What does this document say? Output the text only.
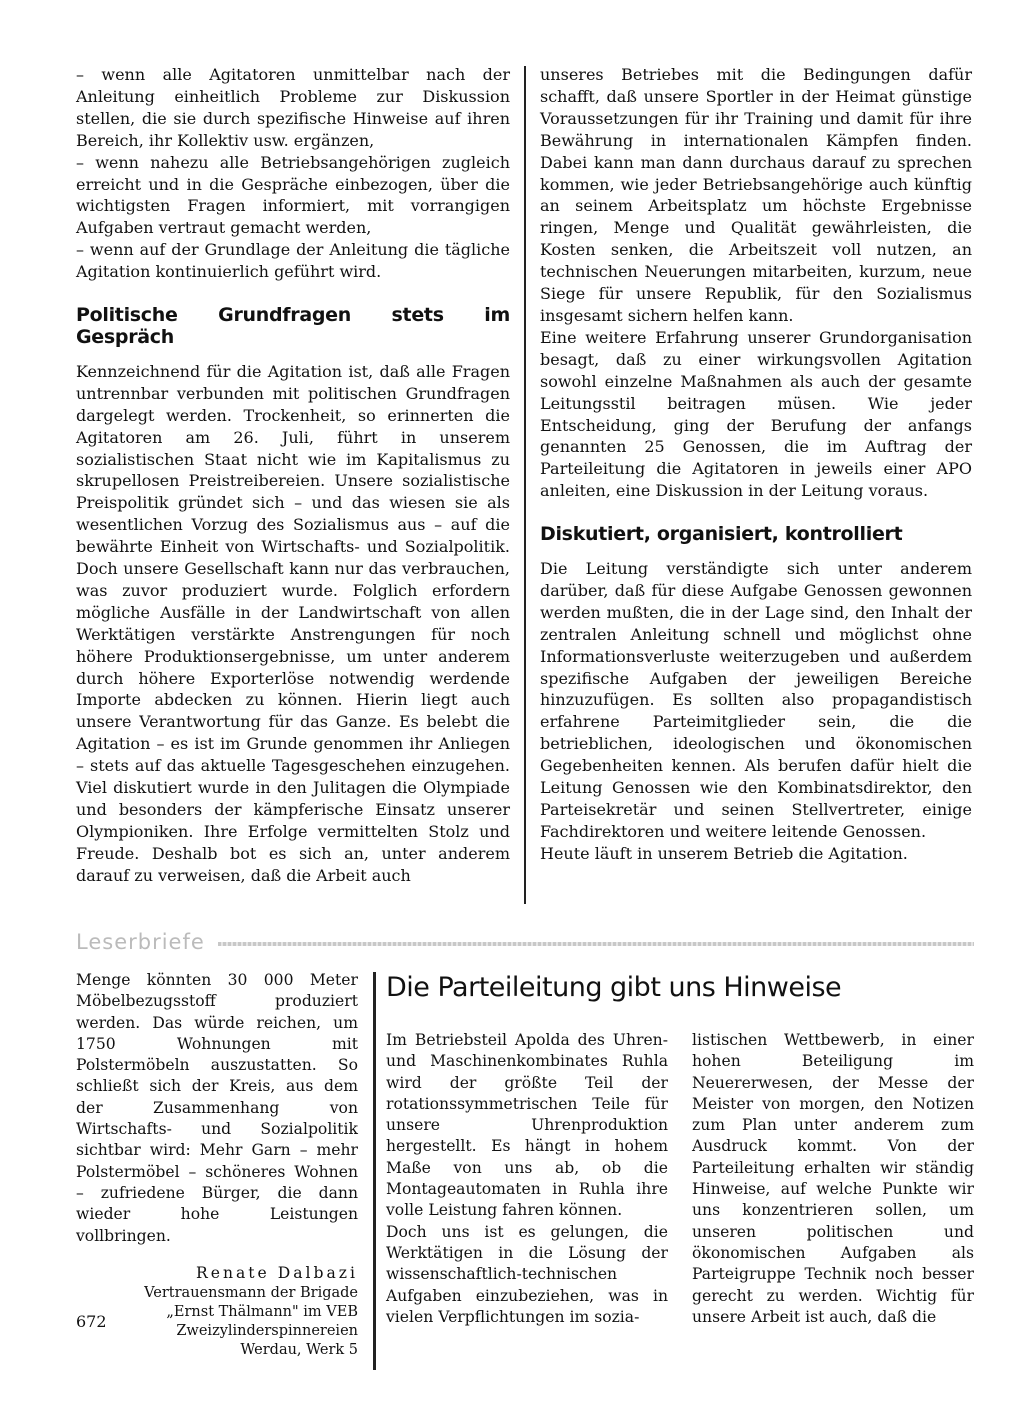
– wenn alle Agitatoren unmittelbar nach der Anleitung einheitlich Probleme zur Diskussion stellen, die sie durch spezifische Hinweise auf ihren Bereich, ihr Kollektiv usw. ergänzen,

– wenn nahezu alle Betriebsangehörigen zugleich erreicht und in die Gespräche einbezogen, über die wichtigsten Fragen informiert, mit vorrangigen Aufgaben vertraut gemacht werden,

– wenn auf der Grundlage der Anleitung die tägliche Agitation kontinuierlich geführt wird.

Politische Grundfragen stets im Gespräch

Kennzeichnend für die Agitation ist, daß alle Fragen untrennbar verbunden mit politischen Grundfragen dargelegt werden. Trockenheit, so erinnerten die Agitatoren am 26. Juli, führt in unserem sozialistischen Staat nicht wie im Kapitalismus zu skrupellosen Preistreibereien. Unsere sozialistische Preispolitik gründet sich – und das wiesen sie als wesentlichen Vorzug des Sozialismus aus – auf die bewährte Einheit von Wirtschafts- und Sozialpolitik. Doch unsere Gesellschaft kann nur das verbrauchen, was zuvor produziert wurde. Folglich erfordern mögliche Ausfälle in der Landwirtschaft von allen Werktätigen verstärkte Anstrengungen für noch höhere Produktionsergebnisse, um unter anderem durch höhere Exporterlöse notwendig werdende Importe abdecken zu können. Hierin liegt auch unsere Verantwortung für das Ganze. Es belebt die Agitation – es ist im Grunde genommen ihr Anliegen – stets auf das aktuelle Tagesgeschehen einzugehen. Viel diskutiert wurde in den Julitagen die Olympiade und besonders der kämpferische Einsatz unserer Olympioniken. Ihre Erfolge vermittelten Stolz und Freude. Deshalb bot es sich an, unter anderem darauf zu verweisen, daß die Arbeit auch

unseres Betriebes mit die Bedingungen dafür schafft, daß unsere Sportler in der Heimat günstige Voraussetzungen für ihr Training und damit für ihre Bewährung in internationalen Kämpfen finden. Dabei kann man dann durchaus darauf zu sprechen kommen, wie jeder Betriebsangehörige auch künftig an seinem Arbeitsplatz um höchste Ergebnisse ringen, Menge und Qualität gewährleisten, die Kosten senken, die Arbeitszeit voll nutzen, an technischen Neuerungen mitarbeiten, kurzum, neue Siege für unsere Republik, für den Sozialismus insgesamt sichern helfen kann.

Eine weitere Erfahrung unserer Grundorganisation besagt, daß zu einer wirkungsvollen Agitation sowohl einzelne Maßnahmen als auch der gesamte Leitungsstil beitragen müsen. Wie jeder Entscheidung, ging der Berufung der anfangs genannten 25 Genossen, die im Auftrag der Parteileitung die Agitatoren in jeweils einer APO anleiten, eine Diskussion in der Leitung voraus.

Diskutiert, organisiert, kontrolliert

Die Leitung verständigte sich unter anderem darüber, daß für diese Aufgabe Genossen gewonnen werden mußten, die in der Lage sind, den Inhalt der zentralen Anleitung schnell und möglichst ohne Informationsverluste weiterzugeben und außerdem spezifische Aufgaben der jeweiligen Bereiche hinzuzufügen. Es sollten also propagandistisch erfahrene Parteimitglieder sein, die die betrieblichen, ideologischen und ökonomischen Gegebenheiten kennen. Als berufen dafür hielt die Leitung Genossen wie den Kombinatsdirektor, den Parteisekretär und seinen Stellvertreter, einige Fachdirektoren und weitere leitende Genossen.

Heute läuft in unserem Betrieb die Agitation.

Leserbriefe

Menge könnten 30 000 Meter Möbelbezugsstoff produziert werden. Das würde reichen, um 1750 Wohnungen mit Polstermöbeln auszustatten. So schließt sich der Kreis, aus dem der Zusammenhang von Wirtschafts- und Sozialpolitik sichtbar wird: Mehr Garn – mehr Polstermöbel – schöneres Wohnen – zufriedene Bürger, die dann wieder hohe Leistungen vollbringen.

Renate Dalbazi

Vertrauensmann der Brigade
„Ernst Thälmann" im VEB
Zweizylinderspinnereien
Werdau, Werk 5
Die Parteileitung gibt uns Hinweise

Im Betriebsteil Apolda des Uhren- und Maschinenkombinates Ruhla wird der größte Teil der rotationssymmetrischen Teile für unsere Uhrenproduktion hergestellt. Es hängt in hohem Maße von uns ab, ob die Montageautomaten in Ruhla ihre volle Leistung fahren können.

Doch uns ist es gelungen, die Werktätigen in die Lösung der wissenschaftlich-technischen Aufgaben einzubeziehen, was in vielen Verpflichtungen im sozia-

listischen Wettbewerb, in einer hohen Beteiligung im Neuererwesen, der Messe der Meister von morgen, den Notizen zum Plan unter anderem zum Ausdruck kommt. Von der Parteileitung erhalten wir ständig Hinweise, auf welche Punkte wir uns konzentrieren sollen, um unseren politischen und ökonomischen Aufgaben als Parteigruppe Technik noch besser gerecht zu werden. Wichtig für unsere Arbeit ist auch, daß die

672
